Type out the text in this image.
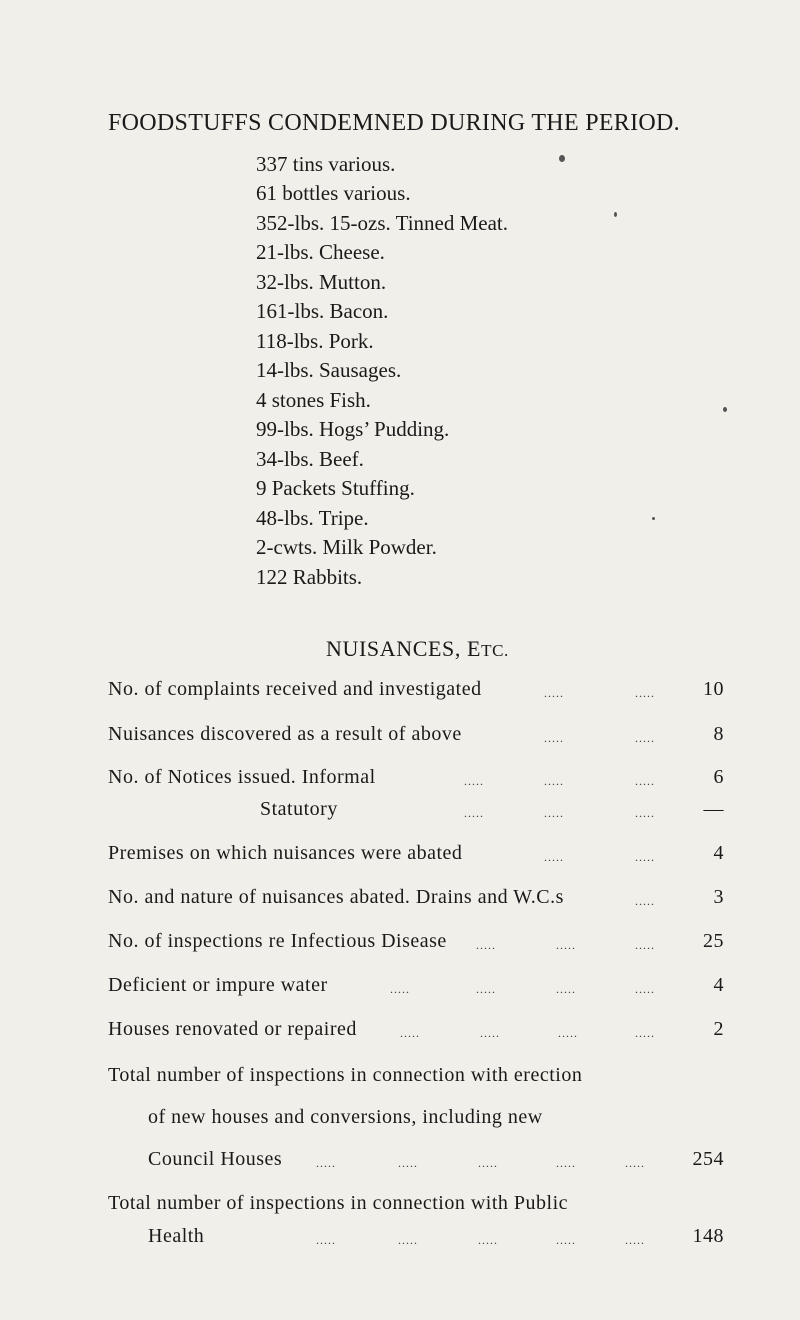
FOODSTUFFS CONDEMNED DURING THE PERIOD.
337 tins various.
61 bottles various.
352-lbs. 15-ozs. Tinned Meat.
21-lbs. Cheese.
32-lbs. Mutton.
161-lbs. Bacon.
118-lbs. Pork.
14-lbs. Sausages.
4 stones Fish.
99-lbs. Hogs’ Pudding.
34-lbs. Beef.
9 Packets Stuffing.
48-lbs. Tripe.
2-cwts. Milk Powder.
122 Rabbits.
NUISANCES, ETC.
No. of complaints received and investigated	.....	..... 10
Nuisances discovered as a result of above	.....	.....	8
No. of Notices issued. Informal	.....	.....	.....	6
Statutory	.....	.....	..... —
Premises on which nuisances were abated	.....	.....	4
No. and nature of nuisances abated. Drains and W.C.s	.....	3
No. of inspections re Infectious Disease .....	.....	..... 25
Deficient or impure water	.....	.....	.....	.....	4
Houses renovated or repaired	.....	.....	.....	.....	2
Total number of inspections in connection with erection
of new houses and conversions, including new
Council Houses	.....	.....	.....	.....	..... 254
Total number of inspections in connection with Public
Health	.....	.....	.....	.....	..... 148
